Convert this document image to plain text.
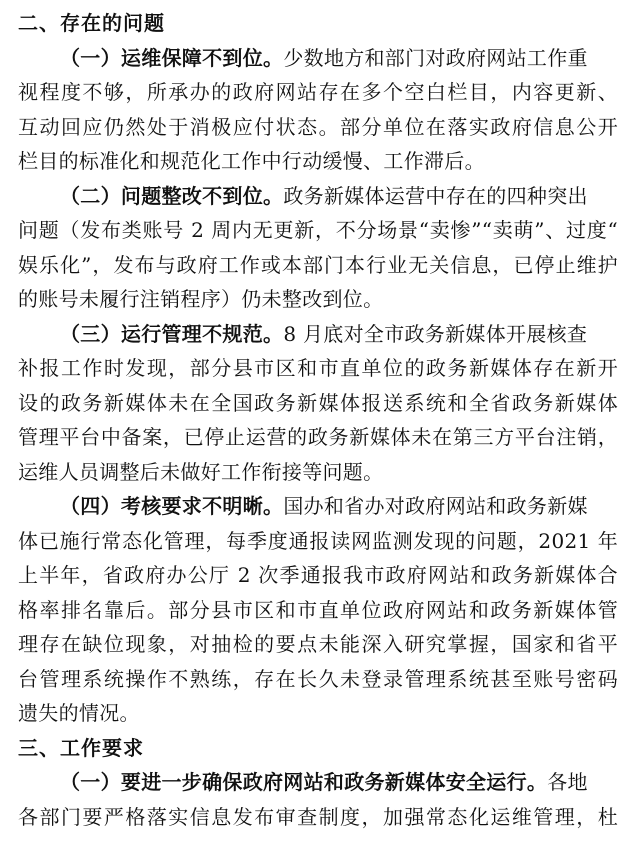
二、存在的问题
（一）运维保障不到位。少数地方和部门对政府网站工作重
视程度不够，所承办的政府网站存在多个空白栏目，内容更新、
互动回应仍然处于消极应付状态。部分单位在落实政府信息公开
栏目的标准化和规范化工作中行动缓慢、工作滞后。
（二）问题整改不到位。政务新媒体运营中存在的四种突出
问题（发布类账号 2 周内无更新，不分场景“卖惨”“卖萌”、过度“
娱乐化”，发布与政府工作或本部门本行业无关信息，已停止维护
的账号未履行注销程序）仍未整改到位。
（三）运行管理不规范。8 月底对全市政务新媒体开展核查
补报工作时发现，部分县市区和市直单位的政务新媒体存在新开
设的政务新媒体未在全国政务新媒体报送系统和全省政务新媒体
管理平台中备案，已停止运营的政务新媒体未在第三方平台注销，
运维人员调整后未做好工作衔接等问题。
（四）考核要求不明晰。国办和省办对政府网站和政务新媒
体已施行常态化管理，每季度通报读网监测发现的问题，2021 年
上半年，省政府办公厅 2 次季通报我市政府网站和政务新媒体合
格率排名靠后。部分县市区和市直单位政府网站和政务新媒体管
理存在缺位现象，对抽检的要点未能深入研究掌握，国家和省平
台管理系统操作不熟练，存在长久未登录管理系统甚至账号密码
遗失的情况。
三、工作要求
（一）要进一步确保政府网站和政务新媒体安全运行。各地
各部门要严格落实信息发布审查制度，加强常态化运维管理，杜
